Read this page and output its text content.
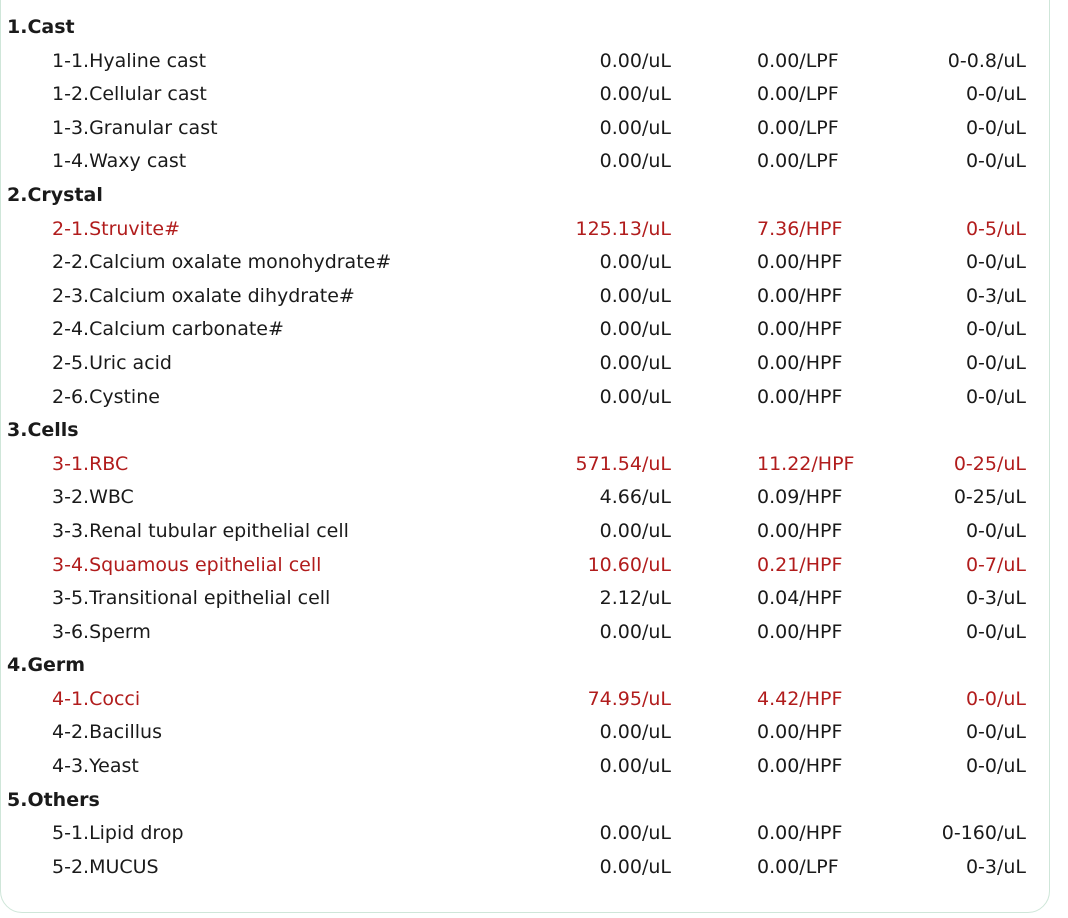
1.Cast
1-1.Hyaline cast	0.00/uL	0.00/LPF	0-0.8/uL
1-2.Cellular cast	0.00/uL	0.00/LPF	0-0/uL
1-3.Granular cast	0.00/uL	0.00/LPF	0-0/uL
1-4.Waxy cast	0.00/uL	0.00/LPF	0-0/uL
2.Crystal
2-1.Struvite#	125.13/uL	7.36/HPF	0-5/uL
2-2.Calcium oxalate monohydrate#	0.00/uL	0.00/HPF	0-0/uL
2-3.Calcium oxalate dihydrate#	0.00/uL	0.00/HPF	0-3/uL
2-4.Calcium carbonate#	0.00/uL	0.00/HPF	0-0/uL
2-5.Uric acid	0.00/uL	0.00/HPF	0-0/uL
2-6.Cystine	0.00/uL	0.00/HPF	0-0/uL
3.Cells
3-1.RBC	571.54/uL	11.22/HPF	0-25/uL
3-2.WBC	4.66/uL	0.09/HPF	0-25/uL
3-3.Renal tubular epithelial cell	0.00/uL	0.00/HPF	0-0/uL
3-4.Squamous epithelial cell	10.60/uL	0.21/HPF	0-7/uL
3-5.Transitional epithelial cell	2.12/uL	0.04/HPF	0-3/uL
3-6.Sperm	0.00/uL	0.00/HPF	0-0/uL
4.Germ
4-1.Cocci	74.95/uL	4.42/HPF	0-0/uL
4-2.Bacillus	0.00/uL	0.00/HPF	0-0/uL
4-3.Yeast	0.00/uL	0.00/HPF	0-0/uL
5.Others
5-1.Lipid drop	0.00/uL	0.00/HPF	0-160/uL
5-2.MUCUS	0.00/uL	0.00/LPF	0-3/uL
